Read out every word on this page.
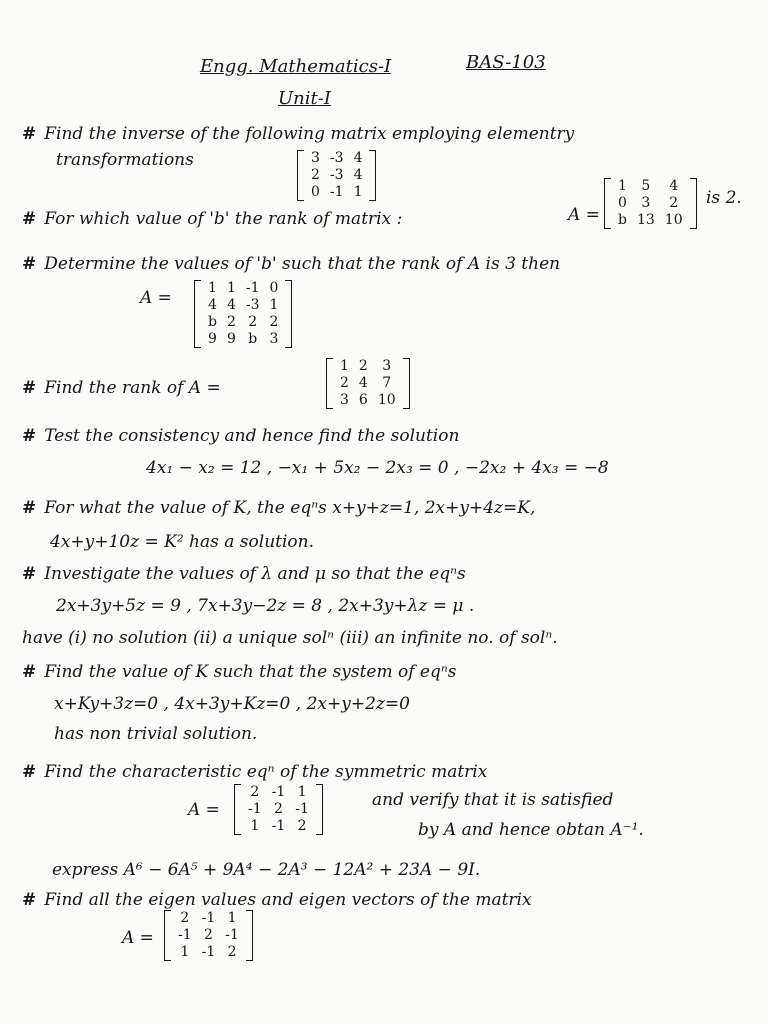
Engg. Mathematics-I	BAS-103
Unit-I
# Find the inverse of the following matrix employing elementry
transformations	3	-3	4
2	-3	4
0	-1	1
# For which value of 'b' the rank of matrix :	A =
1	5	4
0	3	2
b	13	10
is 2.
# Determine the values of 'b' such that the rank of A is 3 then
A =	1	1	-1	0
4	4	-3	1
b	2	2	2
9	9	b	3
# Find the rank of A =
1	2	3
2	4	7
3	6	10
# Test the consistency and hence find the solution
4x₁ − x₂ = 12 , −x₁ + 5x₂ − 2x₃ = 0 , −2x₂ + 4x₃ = −8
# For what the value of K, the eqⁿs x+y+z=1, 2x+y+4z=K,
4x+y+10z = K² has a solution.
# Investigate the values of λ and μ so that the eqⁿs
2x+3y+5z = 9 , 7x+3y−2z = 8 , 2x+3y+λz = μ .
have (i) no solution (ii) a unique solⁿ (iii) an infinite no. of solⁿ.
# Find the value of K such that the system of eqⁿs
x+Ky+3z=0 , 4x+3y+Kz=0 , 2x+y+2z=0
has non trivial solution.
# Find the characteristic eqⁿ of the symmetric matrix
A =
2	-1	1
-1	2	-1
1	-1	2
and verify that it is satisfied
by A and hence obtan A⁻¹.
express A⁶ − 6A⁵ + 9A⁴ − 2A³ − 12A² + 23A − 9I.
# Find all the eigen values and eigen vectors of the matrix
A =
2	-1	1
-1	2	-1
1	-1	2
